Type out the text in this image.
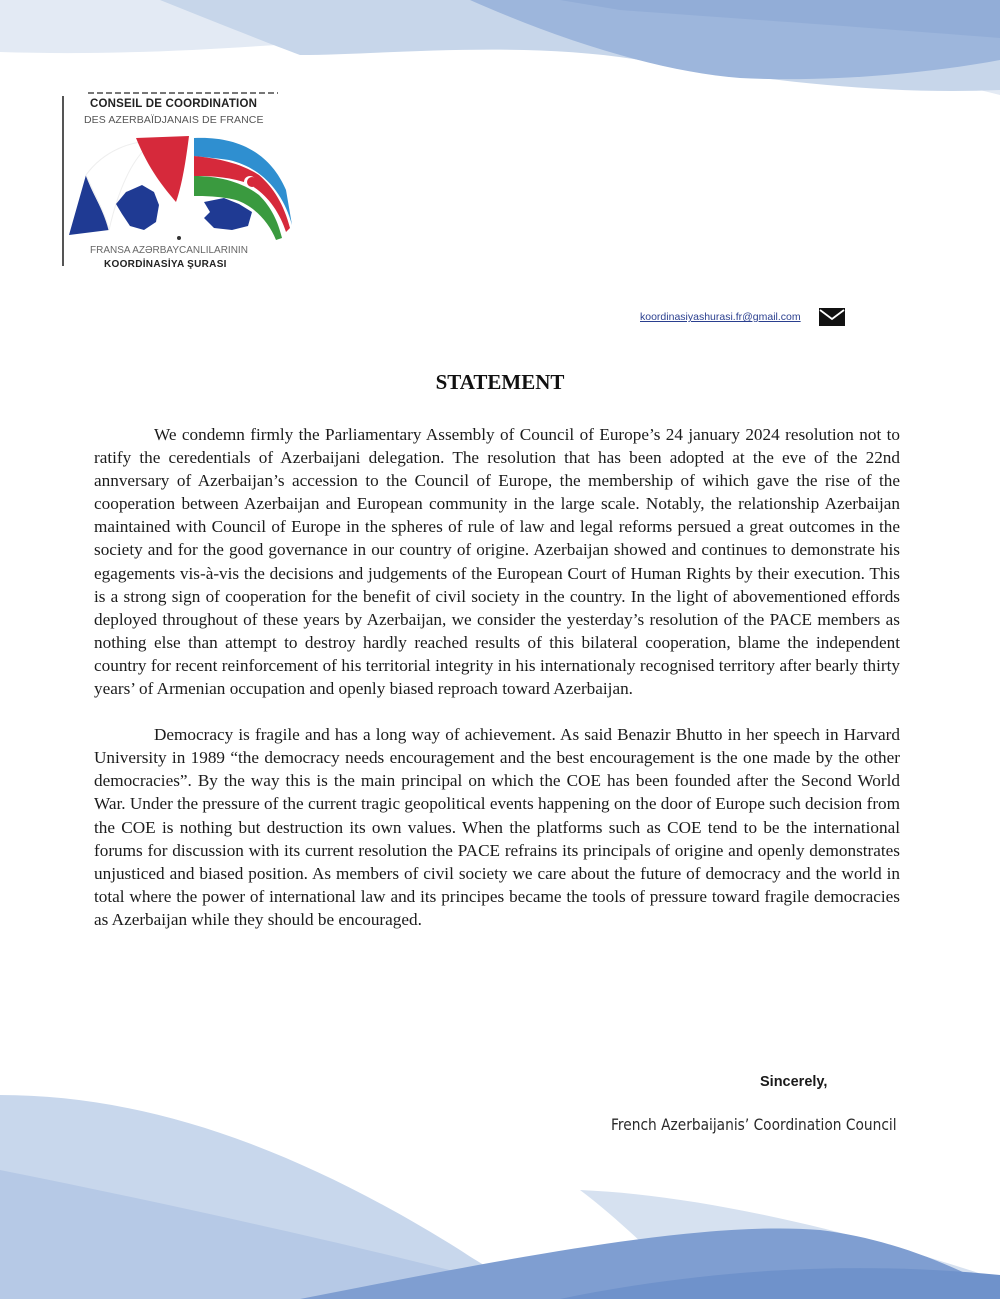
CONSEIL DE COORDINATION
DES AZERBAÏDJANAIS DE FRANCE
FRANSA AZƏRBAYCANLILARININ
KOORDİNASİYA ŞURASI
koordinasiyashurasi.fr@gmail.com
STATEMENT

We condemn firmly the Parliamentary Assembly of Council of Europe’s 24 january 2024 resolution not to ratify the ceredentials of Azerbaijani delegation. The resolution that has been adopted at the eve of the 22nd annversary of Azerbaijan’s accession to the Council of Europe, the membership of wihich gave the rise of the cooperation between Azerbaijan and European community in the large scale. Notably, the relationship Azerbaijan maintained with Council of Europe in the spheres of rule of law and legal reforms persued a great outcomes in the society and for the good governance in our country of origine. Azerbaijan showed and continues to demonstrate his egagements vis-à-vis the decisions and judgements of the European Court of Human Rights by their execution. This is a strong sign of cooperation for the benefit of civil society in the country. In the light of abovementioned effords deployed throughout of these years by Azerbaijan, we consider the yesterday’s resolution of the PACE members as nothing else than attempt to destroy hardly reached results of this bilateral cooperation, blame the independent country for recent reinforcement of his territorial integrity in his internationaly recognised territory after bearly thirty years’ of Armenian occupation and openly biased reproach toward Azerbaijan.

Democracy is fragile and has a long way of achievement. As said Benazir Bhutto in her speech in Harvard University in 1989 “the democracy needs encouragement and the best encouragement is the one made by the other democracies”. By the way this is the main principal on which the COE has been founded after the Second World War. Under the pressure of the current tragic geopolitical events happening on the door of Europe such decision from the COE is nothing but destruction its own values. When the platforms such as COE tend to be the international forums for discussion with its current resolution the PACE refrains its principals of origine and openly demonstrates unjusticed and biased position. As members of civil society we care about the future of democracy and the world in total where the power of international law and its principes became the tools of pressure toward fragile democracies as Azerbaijan while they should be encouraged.

Sincerely,
French Azerbaijanis’ Coordination Council
